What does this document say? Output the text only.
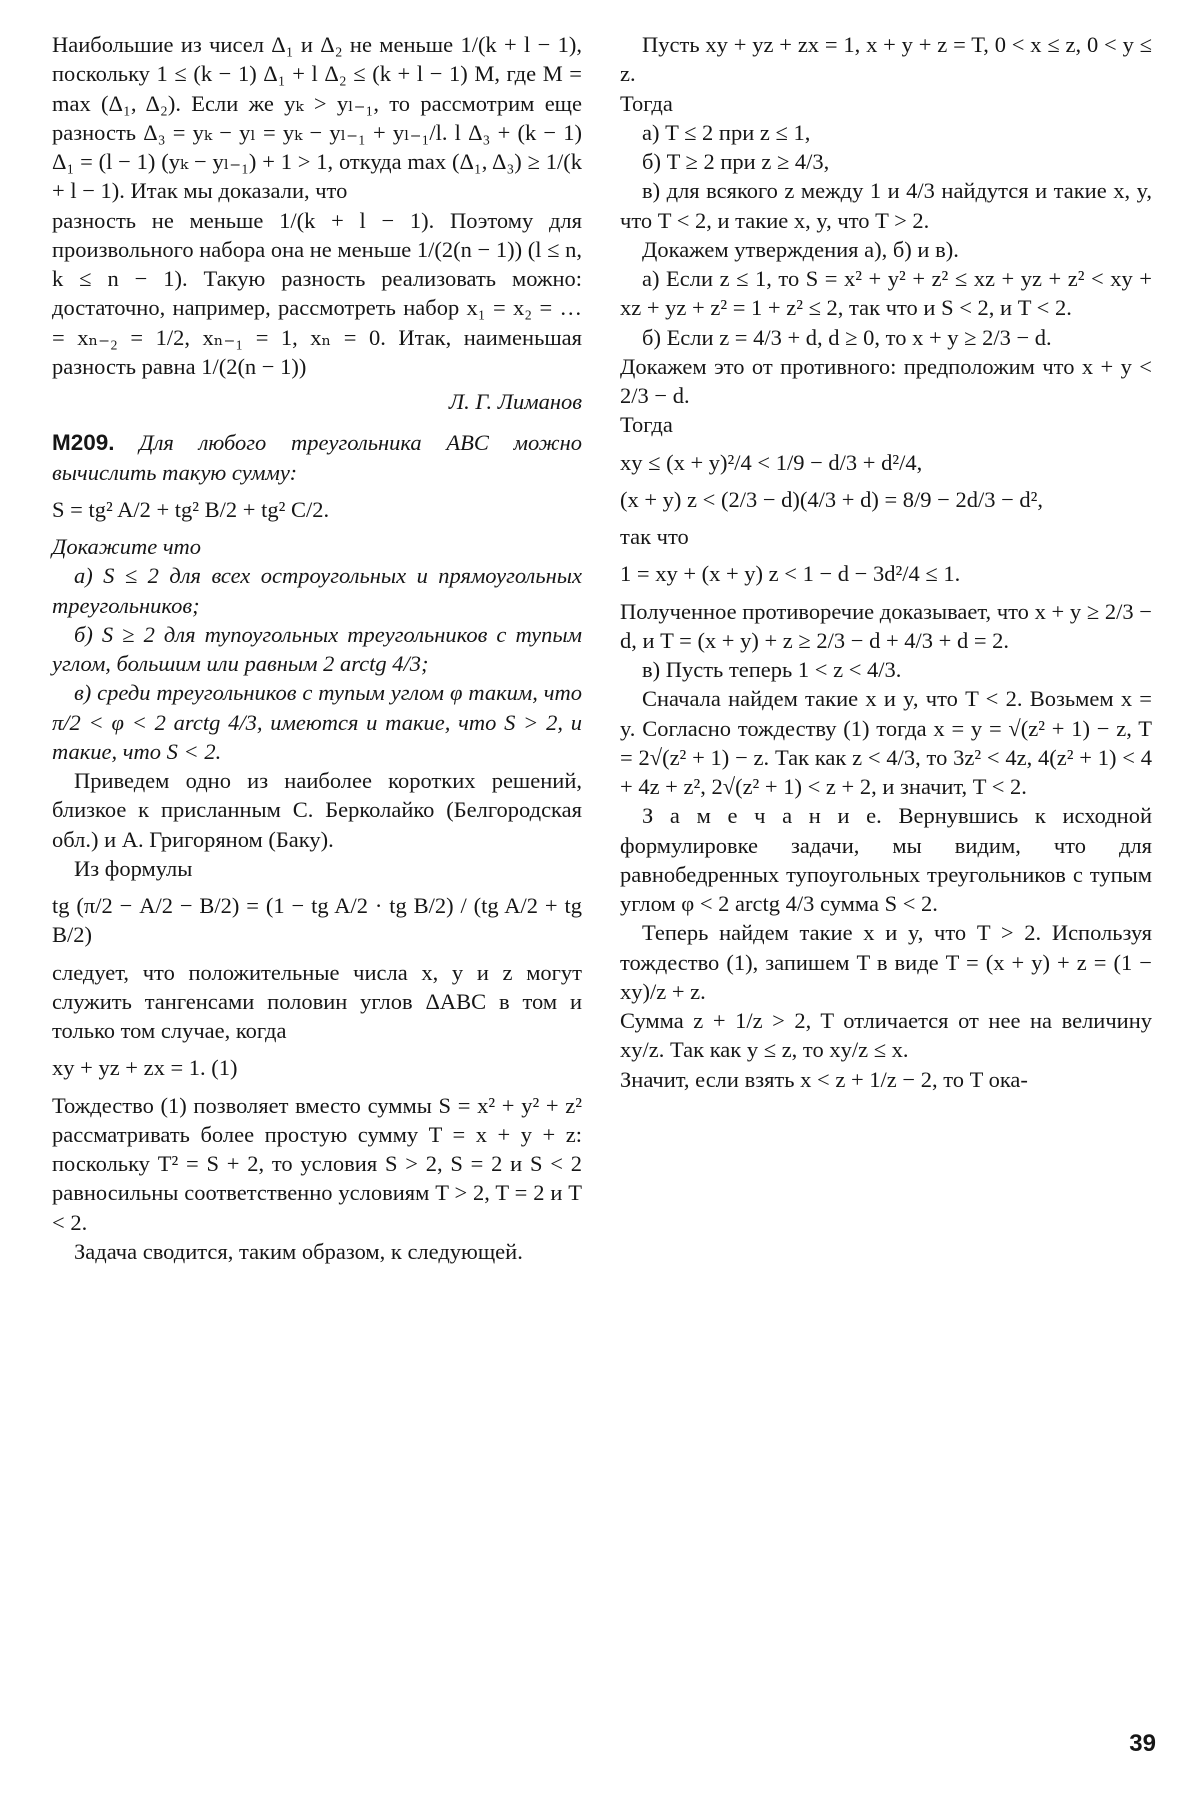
Наибольшие из чисел Δ₁ и Δ₂ не меньше 1/(k + l − 1), поскольку 1 ≤ (k − 1) Δ₁ + l Δ₂ ≤ (k + l − 1) M, где M = max (Δ₁, Δ₂). Если же yₖ > yₗ₋₁, то рассмотрим еще разность Δ₃ = yₖ − yₗ = yₖ − yₗ₋₁ + yₗ₋₁/l. l Δ₃ + (k − 1) Δ₁ = (l − 1) (yₖ − yₗ₋₁) + 1 > 1, откуда max (Δ₁, Δ₃) ≥ 1/(k + l − 1). Итак мы доказали, что

разность не меньше 1/(k + l − 1). Поэтому для произвольного набора она не меньше 1/(2(n − 1)) (l ≤ n, k ≤ n − 1). Такую разность реализовать можно: достаточно, например, рассмотреть набор x₁ = x₂ = … = xₙ₋₂ = 1/2, xₙ₋₁ = 1, xₙ = 0. Итак, наименьшая разность равна 1/(2(n − 1))

Л. Г. Лиманов

M209. Для любого треугольника ABC можно вычислить такую сумму:

S = tg² A/2 + tg² B/2 + tg² C/2.

Докажите что

а) S ≤ 2 для всех остроугольных и прямоугольных треугольников;

б) S ≥ 2 для тупоугольных треугольников с тупым углом, большим или равным 2 arctg 4/3;

в) среди треугольников с тупым углом φ таким, что π/2 < φ < 2 arctg 4/3, имеются и такие, что S > 2, и такие, что S < 2.

Приведем одно из наиболее коротких решений, близкое к присланным С. Берколайко (Белгородская обл.) и А. Григоряном (Баку).

Из формулы

tg (π/2 − A/2 − B/2) = (1 − tg A/2 · tg B/2) / (tg A/2 + tg B/2)

следует, что положительные числа x, y и z могут служить тангенсами половин углов ΔABC в том и только том случае, когда

xy + yz + zx = 1. (1)

Тождество (1) позволяет вместо суммы S = x² + y² + z² рассматривать более простую сумму T = x + y + z: поскольку T² = S + 2, то условия S > 2, S = 2 и S < 2 равносильны соответственно условиям T > 2, T = 2 и T < 2.

Задача сводится, таким образом, к следующей.

Пусть xy + yz + zx = 1, x + y + z = T, 0 < x ≤ z, 0 < y ≤ z.

Тогда

а) T ≤ 2 при z ≤ 1,

б) T ≥ 2 при z ≥ 4/3,

в) для всякого z между 1 и 4/3 найдутся и такие x, y, что T < 2, и такие x, y, что T > 2.

Докажем утверждения а), б) и в).

а) Если z ≤ 1, то S = x² + y² + z² ≤ xz + yz + z² < xy + xz + yz + z² = 1 + z² ≤ 2, так что и S < 2, и T < 2.

б) Если z = 4/3 + d, d ≥ 0, то x + y ≥ 2/3 − d.

Докажем это от противного: предположим что x + y < 2/3 − d.

Тогда

xy ≤ (x + y)²/4 < 1/9 − d/3 + d²/4,

(x + y) z < (2/3 − d)(4/3 + d) = 8/9 − 2d/3 − d²,

так что

1 = xy + (x + y) z < 1 − d − 3d²/4 ≤ 1.

Полученное противоречие доказывает, что x + y ≥ 2/3 − d, и T = (x + y) + z ≥ 2/3 − d + 4/3 + d = 2.

в) Пусть теперь 1 < z < 4/3.

Сначала найдем такие x и y, что T < 2. Возьмем x = y. Согласно тождеству (1) тогда x = y = √(z² + 1) − z, T = 2√(z² + 1) − z. Так как z < 4/3, то 3z² < 4z, 4(z² + 1) < 4 + 4z + z², 2√(z² + 1) < z + 2, и значит, T < 2.

З а м е ч а н и е. Вернувшись к исходной формулировке задачи, мы видим, что для равнобедренных тупоугольных треугольников с тупым углом φ < 2 arctg 4/3 сумма S < 2.

Теперь найдем такие x и y, что T > 2. Используя тождество (1), запишем T в виде T = (x + y) + z = (1 − xy)/z + z.

Сумма z + 1/z > 2, T отличается от нее на величину xy/z. Так как y ≤ z, то xy/z ≤ x.

Значит, если взять x < z + 1/z − 2, то T ока-

39
